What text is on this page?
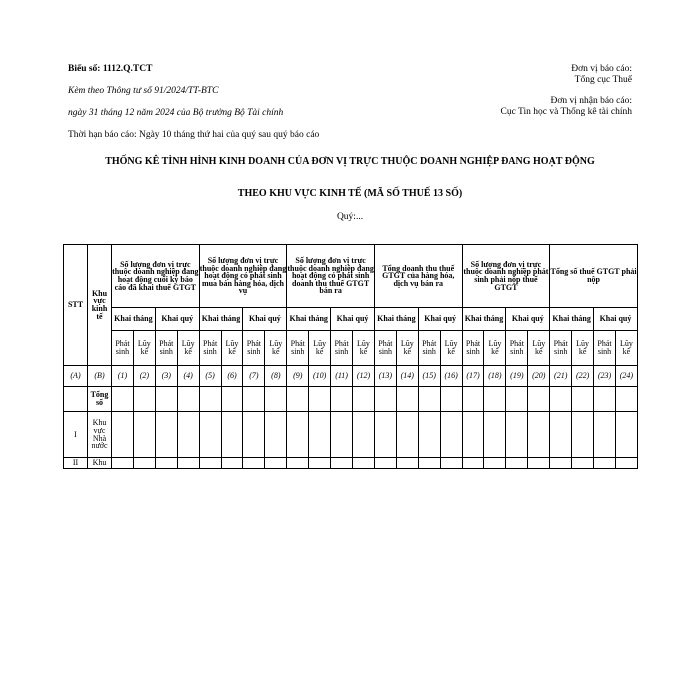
Biểu số: 1112.Q.TCT
Kèm theo Thông tư số 91/2024/TT-BTC
ngày 31 tháng 12 năm 2024 của Bộ trưởng Bộ Tài chính
Thời hạn báo cáo: Ngày 10 tháng thứ hai của quý sau quý báo cáo
Đơn vị báo cáo:
Tổng cục Thuế
Đơn vị nhận báo cáo:
Cục Tin học và Thống kê tài chính
THỐNG KÊ TÌNH HÌNH KINH DOANH CỦA ĐƠN VỊ TRỰC THUỘC DOANH NGHIỆP ĐANG HOẠT ĐỘNG
THEO KHU VỰC KINH TẾ (MÃ SỐ THUẾ 13 SỐ)
Quý:...
STT	Khu vực kinh tế	Số lượng đơn vị trực thuộc doanh nghiệp đang hoạt động cuối kỳ báo cáo đã khai thuế GTGT				Số lượng đơn vị trực thuộc doanh nghiệp đang hoạt động có phát sinh mua bán hàng hóa, dịch vụ				Số lượng đơn vị trực thuộc doanh nghiệp đang hoạt động có phát sinh doanh thu thuế GTGT bán ra				Tổng doanh thu thuế GTGT của hàng hóa, dịch vụ bán ra				Số lượng đơn vị trực thuộc doanh nghiệp phát sinh phải nộp thuế GTGT				Tổng số thuế GTGT phải nộp			
		Khai tháng		Khai quý		Khai tháng		Khai quý		Khai tháng		Khai quý		Khai tháng		Khai quý		Khai tháng		Khai quý		Khai tháng		Khai quý	
		Phát sinh	Lũy kế	Phát sinh	Lũy kế	Phát sinh	Lũy kế	Phát sinh	Lũy kế	Phát sinh	Lũy kế	Phát sinh	Lũy kế	Phát sinh	Lũy kế	Phát sinh	Lũy kế	Phát sinh	Lũy kế	Phát sinh	Lũy kế	Phát sinh	Lũy kế	Phát sinh	Lũy kế
(A)	(B)	(1)	(2)	(3)	(4)	(5)	(6)	(7)	(8)	(9)	(10)	(11)	(12)	(13)	(14)	(15)	(16)	(17)	(18)	(19)	(20)	(21)	(22)	(23)	(24)
	Tổng số																								
I	Khu vực Nhà nước																								
II	Khu																								
